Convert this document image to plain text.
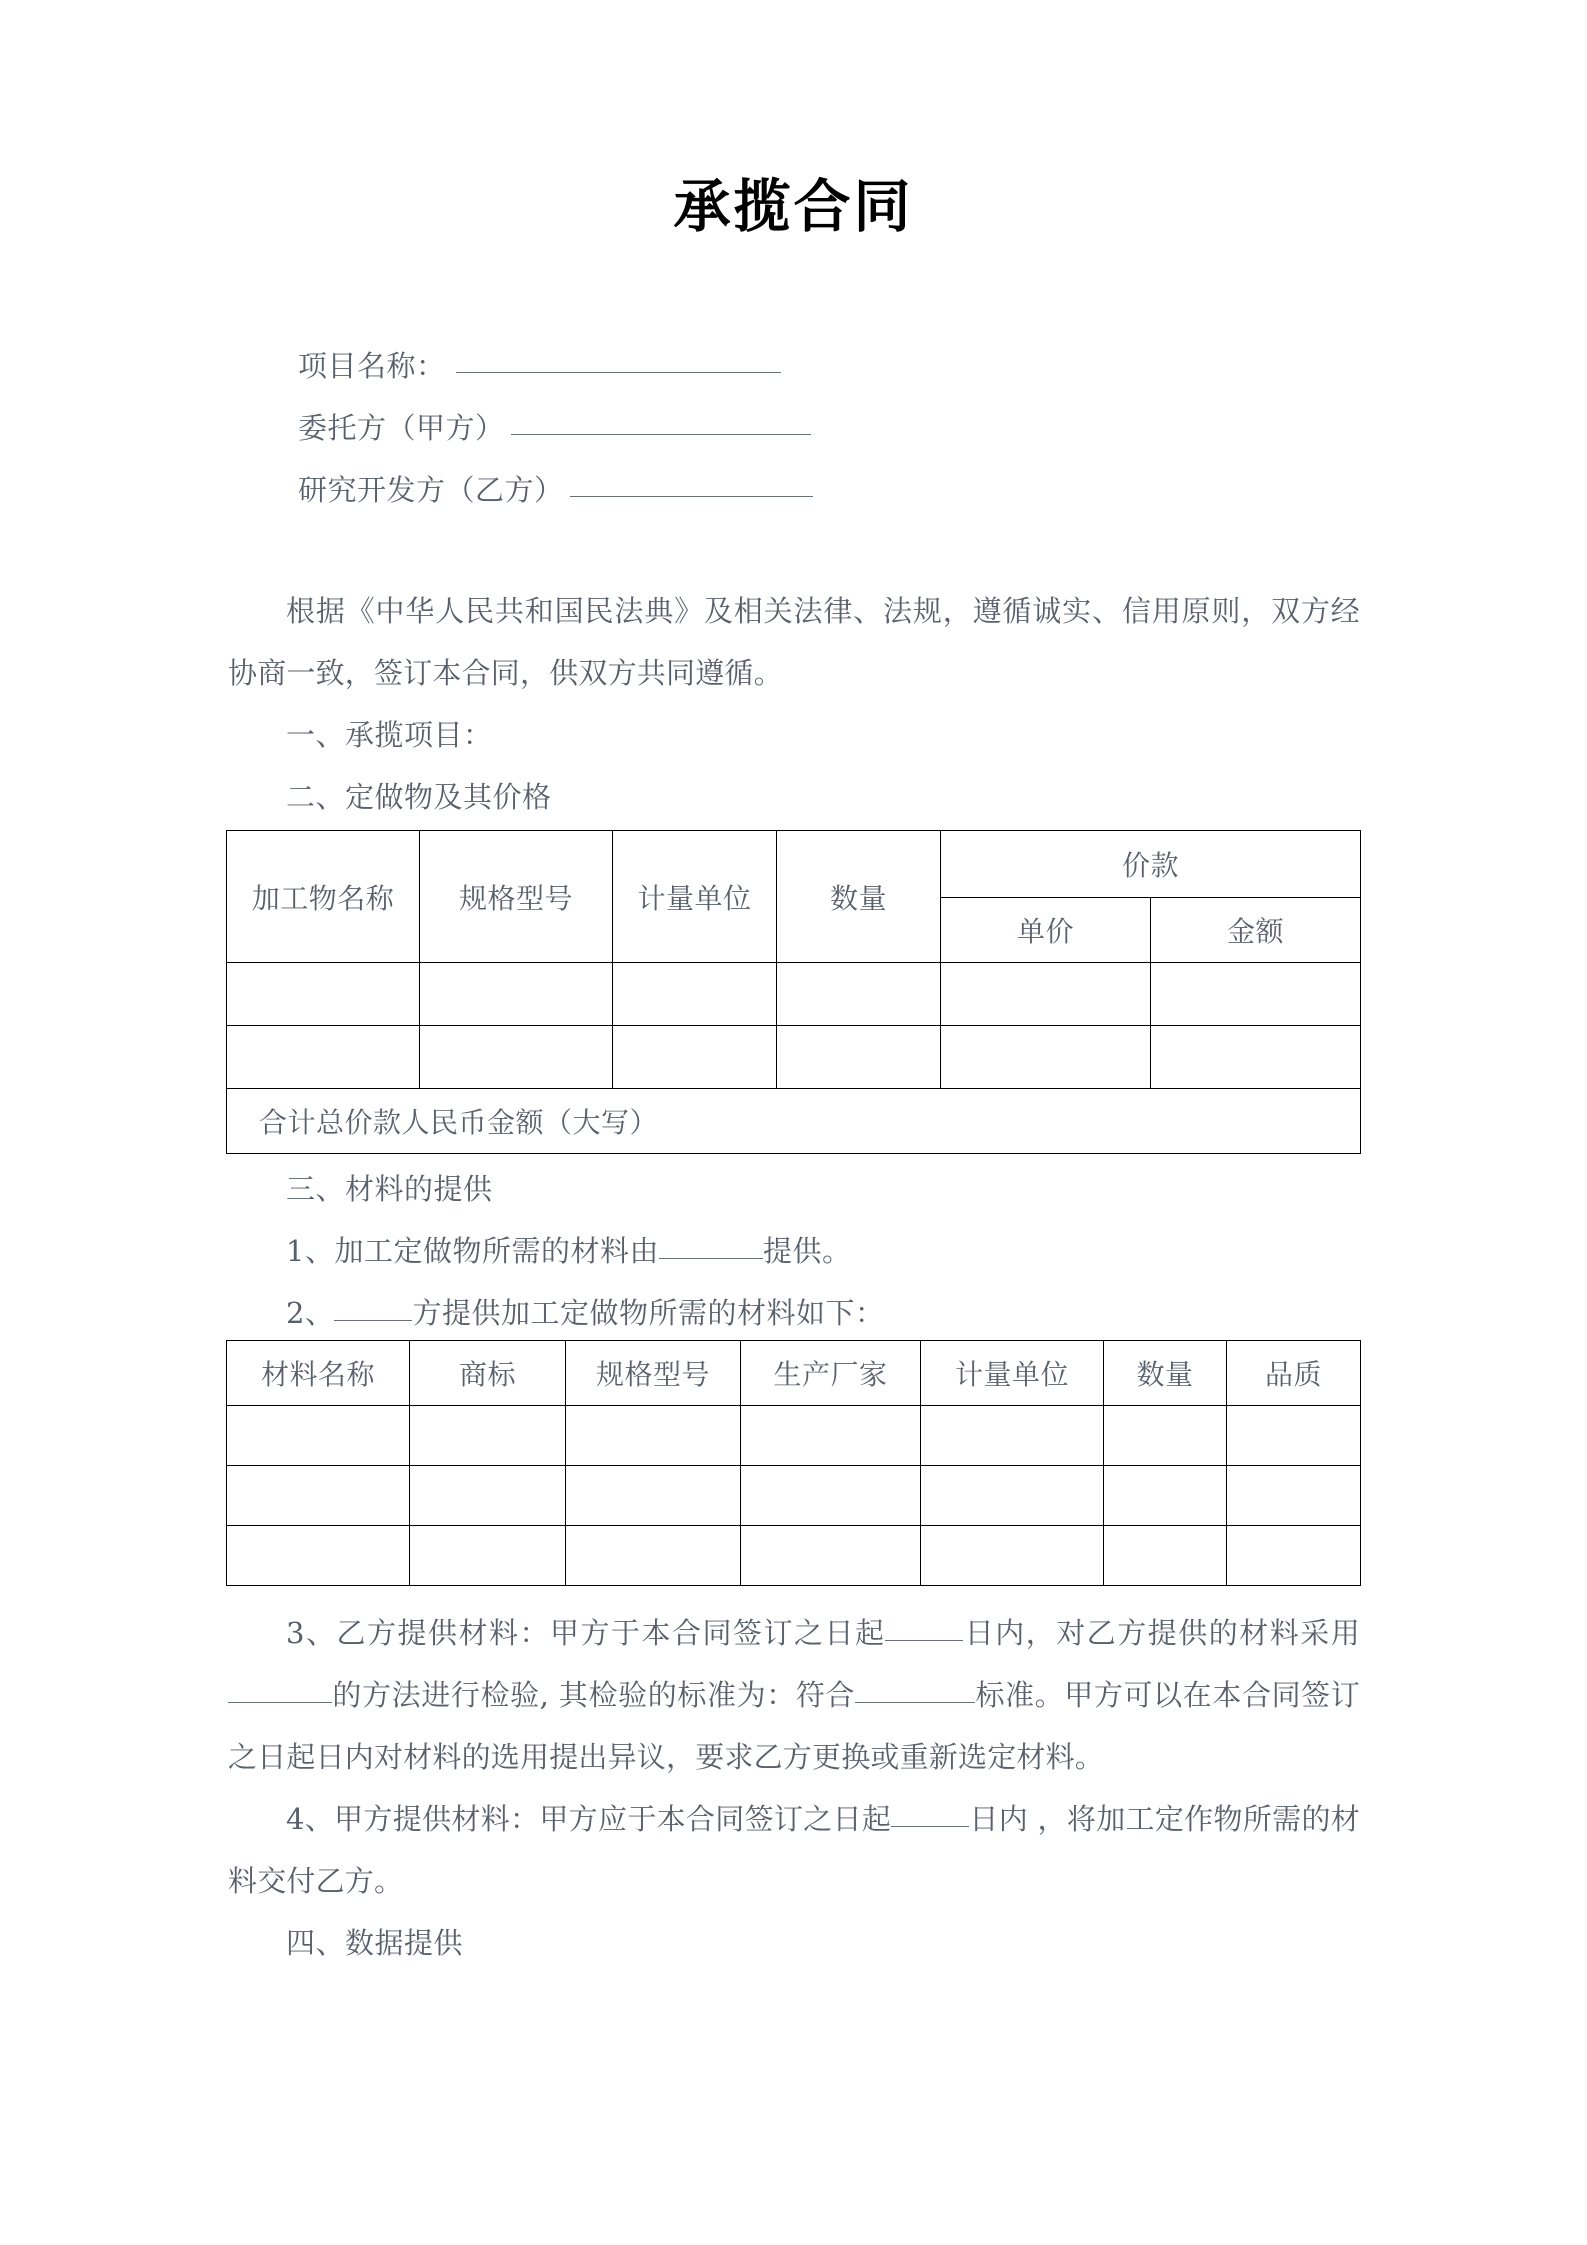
承揽合同
项目名称：
委托方（甲方）
研究开发方（乙方）

根据《中华人民共和国民法典》及相关法律、法规，遵循诚实、信用原则，双方经协商一致，签订本合同，供双方共同遵循。

一、承揽项目：
二、定做物及其价格
加工物名称	规格型号	计量单位	数量	价款	
				单价	金额

合计总价款人民币金额（大写）					
三、材料的提供
1、加工定做物所需的材料由	提供。
2、	方提供加工定做物所需的材料如下：
材料名称	商标	规格型号	生产厂家	计量单位	数量	品质

3、乙方提供材料：甲方于本合同签订之日起	日内，对乙方提供的材料采用的方法进行检验, 其检验的标准为：符合	标准。甲方可以在本合同签订之日起日内对材料的选用提出异议，要求乙方更换或重新选定材料。

4、甲方提供材料：甲方应于本合同签订之日起	日内 ，将加工定作物所需的材料交付乙方。

四、数据提供
